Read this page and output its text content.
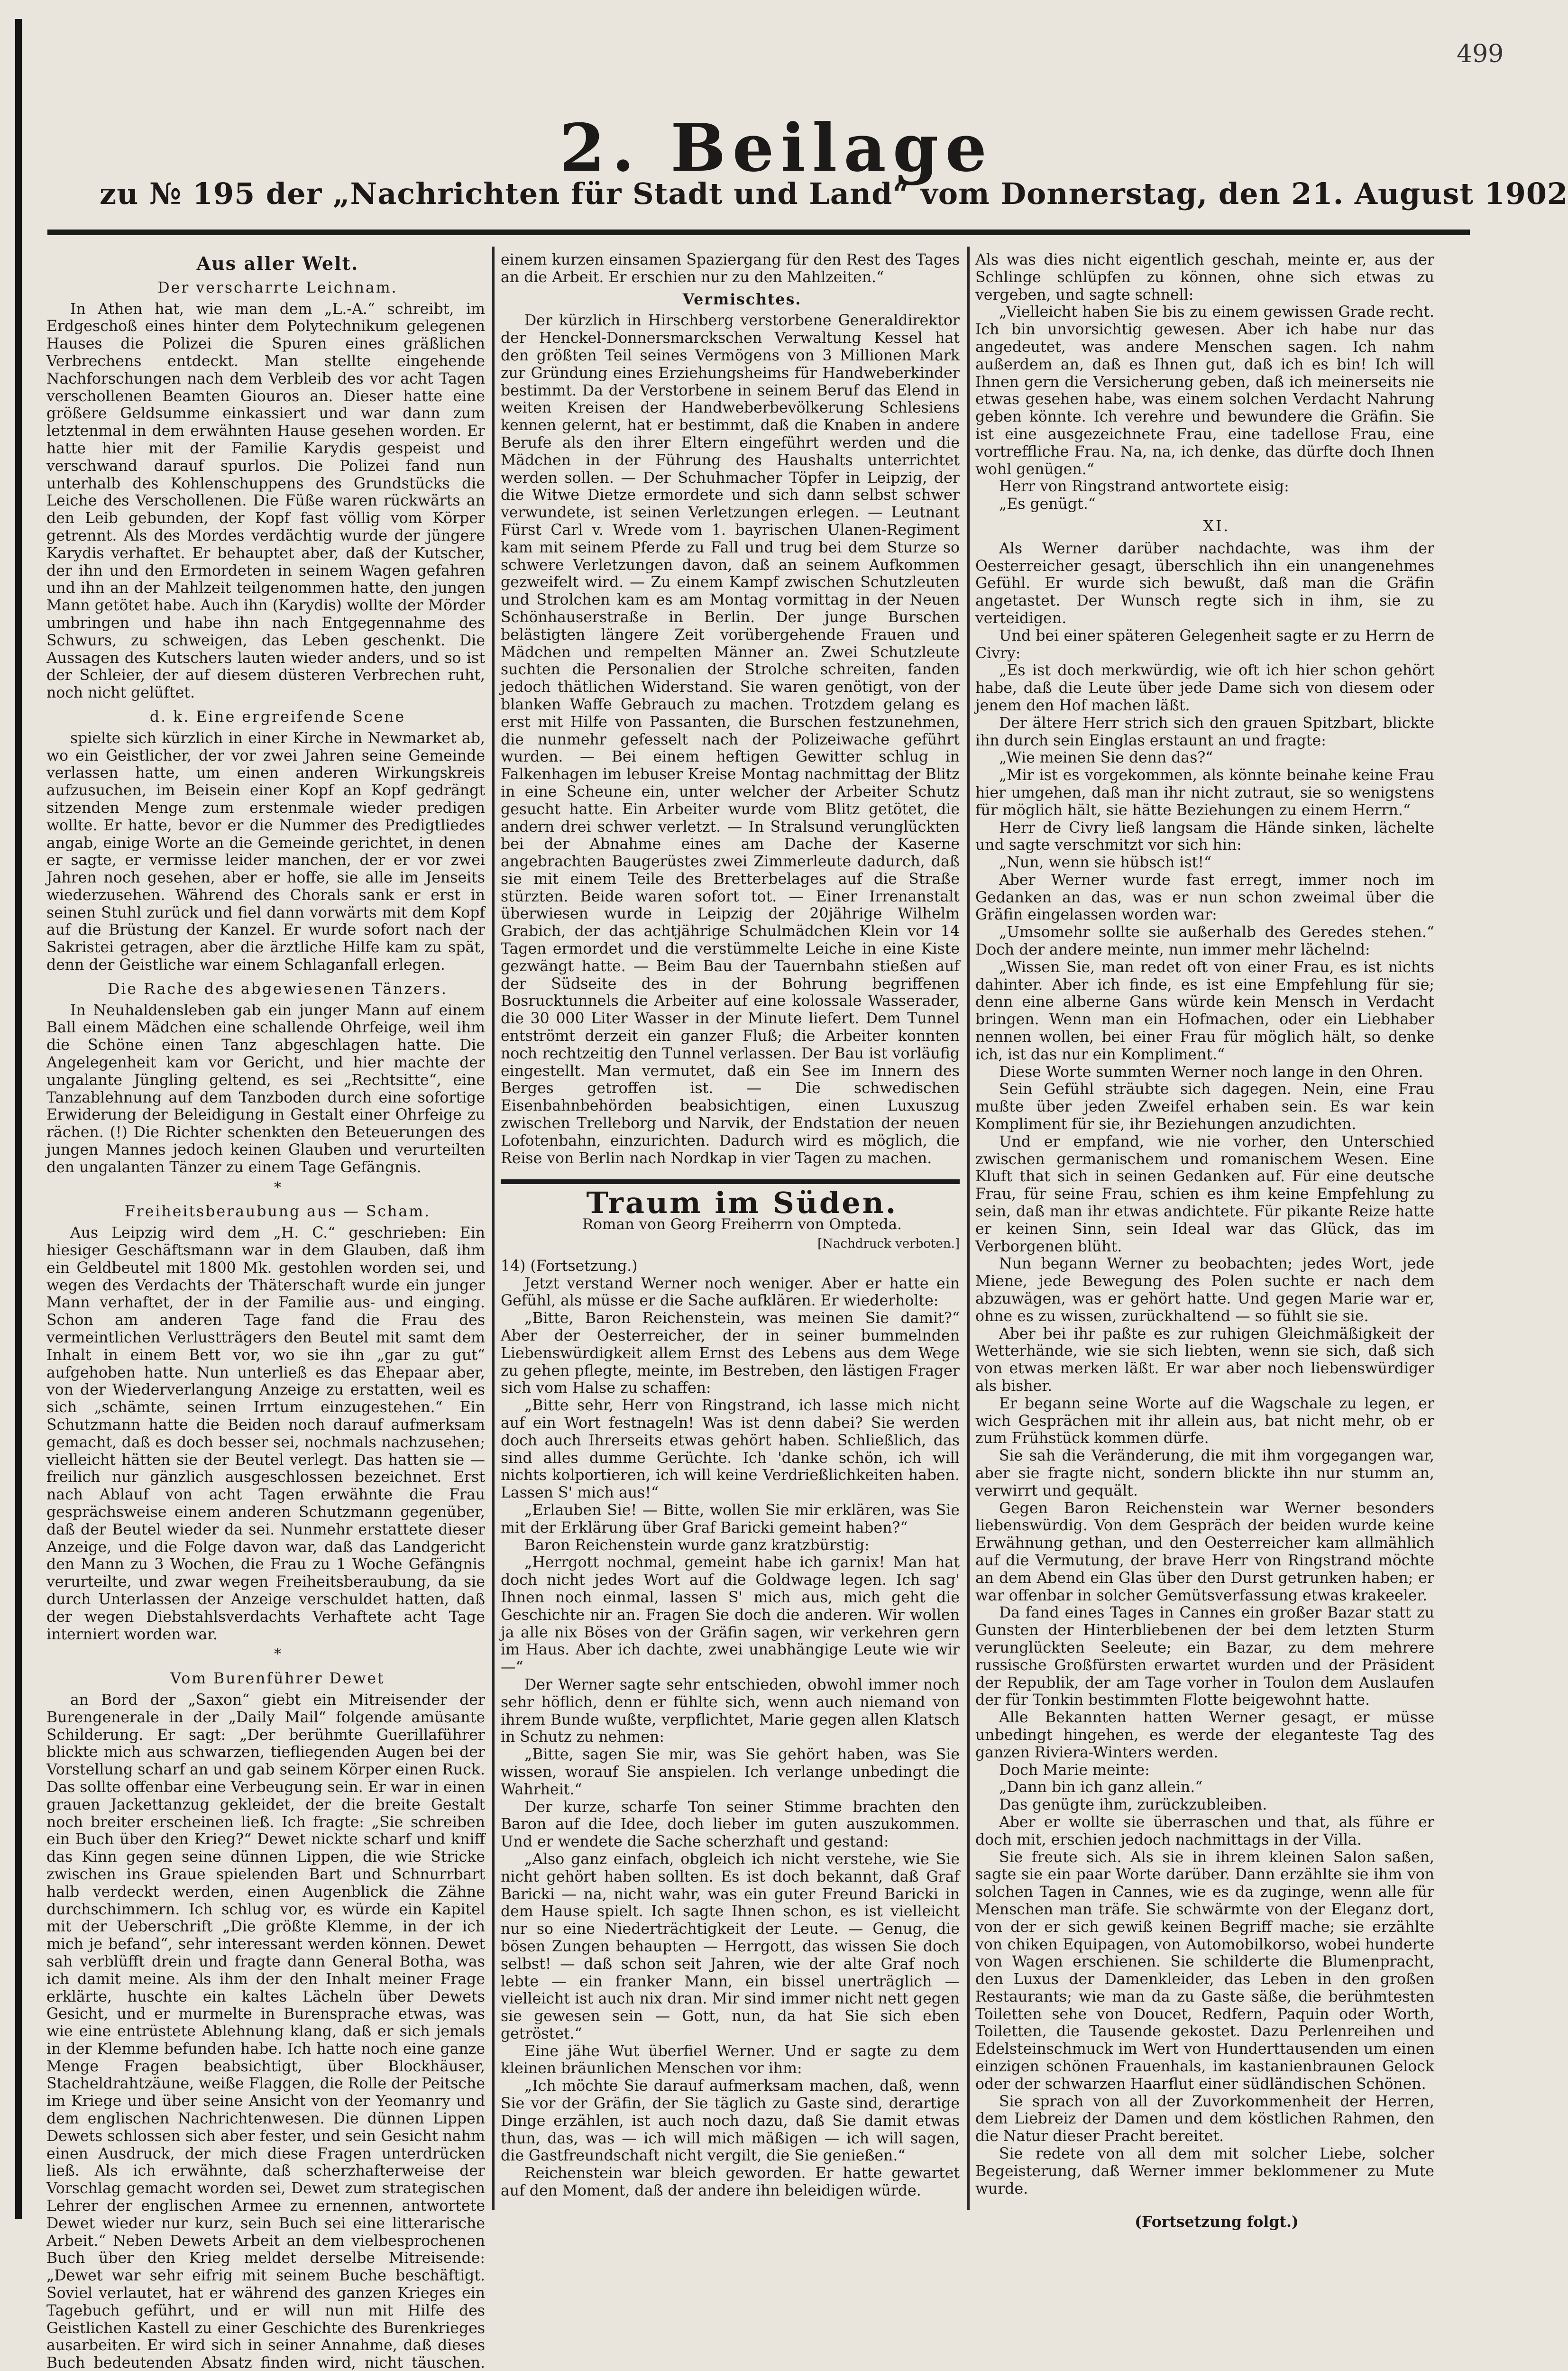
499
2. Beilage
zu № 195 der „Nachrichten für Stadt und Land“ vom Donnerstag, den 21. August 1902

Aus aller Welt.

Der verscharrte Leichnam.

In Athen hat, wie man dem „L.-A.“ schreibt, im Erdgeschoß eines hinter dem Polytechnikum gelegenen Hauses die Polizei die Spuren eines gräßlichen Verbrechens entdeckt. Man stellte eingehende Nachforschungen nach dem Verbleib des vor acht Tagen verschollenen Beamten Giouros an. Dieser hatte eine größere Geldsumme einkassiert und war dann zum letztenmal in dem erwähnten Hause gesehen worden. Er hatte hier mit der Familie Karydis gespeist und verschwand darauf spurlos. Die Polizei fand nun unterhalb des Kohlenschuppens des Grundstücks die Leiche des Verschollenen. Die Füße waren rückwärts an den Leib gebunden, der Kopf fast völlig vom Körper getrennt. Als des Mordes verdächtig wurde der jüngere Karydis verhaftet. Er behauptet aber, daß der Kutscher, der ihn und den Ermordeten in seinem Wagen gefahren und ihn an der Mahlzeit teilgenommen hatte, den jungen Mann getötet habe. Auch ihn (Karydis) wollte der Mörder umbringen und habe ihn nach Entgegennahme des Schwurs, zu schweigen, das Leben geschenkt. Die Aussagen des Kutschers lauten wieder anders, und so ist der Schleier, der auf diesem düsteren Verbrechen ruht, noch nicht gelüftet.

d. k. Eine ergreifende Scene

spielte sich kürzlich in einer Kirche in Newmarket ab, wo ein Geistlicher, der vor zwei Jahren seine Gemeinde verlassen hatte, um einen anderen Wirkungskreis aufzusuchen, im Beisein einer Kopf an Kopf gedrängt sitzenden Menge zum erstenmale wieder predigen wollte. Er hatte, bevor er die Nummer des Predigtliedes angab, einige Worte an die Gemeinde gerichtet, in denen er sagte, er vermisse leider manchen, der er vor zwei Jahren noch gesehen, aber er hoffe, sie alle im Jenseits wiederzusehen. Während des Chorals sank er erst in seinen Stuhl zurück und fiel dann vorwärts mit dem Kopf auf die Brüstung der Kanzel. Er wurde sofort nach der Sakristei getragen, aber die ärztliche Hilfe kam zu spät, denn der Geistliche war einem Schlaganfall erlegen.

Die Rache des abgewiesenen Tänzers.

In Neuhaldensleben gab ein junger Mann auf einem Ball einem Mädchen eine schallende Ohrfeige, weil ihm die Schöne einen Tanz abgeschlagen hatte. Die Angelegenheit kam vor Gericht, und hier machte der ungalante Jüngling geltend, es sei „Rechtsitte“, eine Tanzablehnung auf dem Tanzboden durch eine sofortige Erwiderung der Beleidigung in Gestalt einer Ohrfeige zu rächen. (!) Die Richter schenkten den Beteuerungen des jungen Mannes jedoch keinen Glauben und verurteilten den ungalanten Tänzer zu einem Tage Gefängnis.

*

Freiheitsberaubung aus — Scham.

Aus Leipzig wird dem „H. C.“ geschrieben: Ein hiesiger Geschäftsmann war in dem Glauben, daß ihm ein Geldbeutel mit 1800 Mk. gestohlen worden sei, und wegen des Verdachts der Thäterschaft wurde ein junger Mann verhaftet, der in der Familie aus- und einging. Schon am anderen Tage fand die Frau des vermeintlichen Verlustträgers den Beutel mit samt dem Inhalt in einem Bett vor, wo sie ihn „gar zu gut“ aufgehoben hatte. Nun unterließ es das Ehepaar aber, von der Wiederverlangung Anzeige zu erstatten, weil es sich „schämte, seinen Irrtum einzugestehen.“ Ein Schutzmann hatte die Beiden noch darauf aufmerksam gemacht, daß es doch besser sei, nochmals nachzusehen; vielleicht hätten sie der Beutel verlegt. Das hatten sie — freilich nur gänzlich ausgeschlossen bezeichnet. Erst nach Ablauf von acht Tagen erwähnte die Frau gesprächsweise einem anderen Schutzmann gegenüber, daß der Beutel wieder da sei. Nunmehr erstattete dieser Anzeige, und die Folge davon war, daß das Landgericht den Mann zu 3 Wochen, die Frau zu 1 Woche Gefängnis verurteilte, und zwar wegen Freiheitsberaubung, da sie durch Unterlassen der Anzeige verschuldet hatten, daß der wegen Diebstahlsverdachts Verhaftete acht Tage interniert worden war.

*

Vom Burenführer Dewet

an Bord der „Saxon“ giebt ein Mitreisender der Burengenerale in der „Daily Mail“ folgende amüsante Schilderung. Er sagt: „Der berühmte Guerillaführer blickte mich aus schwarzen, tiefliegenden Augen bei der Vorstellung scharf an und gab seinem Körper einen Ruck. Das sollte offenbar eine Verbeugung sein. Er war in einen grauen Jackettanzug gekleidet, der die breite Gestalt noch breiter erscheinen ließ. Ich fragte: „Sie schreiben ein Buch über den Krieg?“ Dewet nickte scharf und kniff das Kinn gegen seine dünnen Lippen, die wie Stricke zwischen ins Graue spielenden Bart und Schnurrbart halb verdeckt werden, einen Augenblick die Zähne durchschimmern. Ich schlug vor, es würde ein Kapitel mit der Ueberschrift „Die größte Klemme, in der ich mich je befand“, sehr interessant werden können. Dewet sah verblüfft drein und fragte dann General Botha, was ich damit meine. Als ihm der den Inhalt meiner Frage erklärte, huschte ein kaltes Lächeln über Dewets Gesicht, und er murmelte in Burensprache etwas, was wie eine entrüstete Ablehnung klang, daß er sich jemals in der Klemme befunden habe. Ich hatte noch eine ganze Menge Fragen beabsichtigt, über Blockhäuser, Stacheldrahtzäune, weiße Flaggen, die Rolle der Peitsche im Kriege und über seine Ansicht von der Yeomanry und dem englischen Nachrichtenwesen. Die dünnen Lippen Dewets schlossen sich aber fester, und sein Gesicht nahm einen Ausdruck, der mich diese Fragen unterdrücken ließ. Als ich erwähnte, daß scherzhafterweise der Vorschlag gemacht worden sei, Dewet zum strategischen Lehrer der englischen Armee zu ernennen, antwortete Dewet wieder nur kurz, sein Buch sei eine litterarische Arbeit.“ Neben Dewets Arbeit an dem vielbesprochenen Buch über den Krieg meldet derselbe Mitreisende: „Dewet war sehr eifrig mit seinem Buche beschäftigt. Soviel verlautet, hat er während des ganzen Krieges ein Tagebuch geführt, und er will nun mit Hilfe des Geistlichen Kastell zu einer Geschichte des Burenkrieges ausarbeiten. Er wird sich in seiner Annahme, daß dieses Buch bedeutenden Absatz finden wird, nicht täuschen.

einem kurzen einsamen Spaziergang für den Rest des Tages an die Arbeit. Er erschien nur zu den Mahlzeiten.“

Vermischtes.

Der kürzlich in Hirschberg verstorbene Generaldirektor der Henckel-Donnersmarckschen Verwaltung Kessel hat den größten Teil seines Vermögens von 3 Millionen Mark zur Gründung eines Erziehungsheims für Handweberkinder bestimmt. Da der Verstorbene in seinem Beruf das Elend in weiten Kreisen der Handweberbevölkerung Schlesiens kennen gelernt, hat er bestimmt, daß die Knaben in andere Berufe als den ihrer Eltern eingeführt werden und die Mädchen in der Führung des Haushalts unterrichtet werden sollen. — Der Schuhmacher Töpfer in Leipzig, der die Witwe Dietze ermordete und sich dann selbst schwer verwundete, ist seinen Verletzungen erlegen. — Leutnant Fürst Carl v. Wrede vom 1. bayrischen Ulanen-Regiment kam mit seinem Pferde zu Fall und trug bei dem Sturze so schwere Verletzungen davon, daß an seinem Aufkommen gezweifelt wird. — Zu einem Kampf zwischen Schutzleuten und Strolchen kam es am Montag vormittag in der Neuen Schönhauserstraße in Berlin. Der junge Burschen belästigten längere Zeit vorübergehende Frauen und Mädchen und rempelten Männer an. Zwei Schutzleute suchten die Personalien der Strolche schreiten, fanden jedoch thätlichen Widerstand. Sie waren genötigt, von der blanken Waffe Gebrauch zu machen. Trotzdem gelang es erst mit Hilfe von Passanten, die Burschen festzunehmen, die nunmehr gefesselt nach der Polizeiwache geführt wurden. — Bei einem heftigen Gewitter schlug in Falkenhagen im lebuser Kreise Montag nachmittag der Blitz in eine Scheune ein, unter welcher der Arbeiter Schutz gesucht hatte. Ein Arbeiter wurde vom Blitz getötet, die andern drei schwer verletzt. — In Stralsund verunglückten bei der Abnahme eines am Dache der Kaserne angebrachten Baugerüstes zwei Zimmerleute dadurch, daß sie mit einem Teile des Bretterbelages auf die Straße stürzten. Beide waren sofort tot. — Einer Irrenanstalt überwiesen wurde in Leipzig der 20jährige Wilhelm Grabich, der das achtjährige Schulmädchen Klein vor 14 Tagen ermordet und die verstümmelte Leiche in eine Kiste gezwängt hatte. — Beim Bau der Tauernbahn stießen auf der Südseite des in der Bohrung begriffenen Bosrucktunnels die Arbeiter auf eine kolossale Wasserader, die 30 000 Liter Wasser in der Minute liefert. Dem Tunnel entströmt derzeit ein ganzer Fluß; die Arbeiter konnten noch rechtzeitig den Tunnel verlassen. Der Bau ist vorläufig eingestellt. Man vermutet, daß ein See im Innern des Berges getroffen ist. — Die schwedischen Eisenbahnbehörden beabsichtigen, einen Luxuszug zwischen Trelleborg und Narvik, der Endstation der neuen Lofotenbahn, einzurichten. Dadurch wird es möglich, die Reise von Berlin nach Nordkap in vier Tagen zu machen.

Traum im Süden.

Roman von Georg Freiherrn von Ompteda.

[Nachdruck verboten.]

14) (Fortsetzung.)

Jetzt verstand Werner noch weniger. Aber er hatte ein Gefühl, als müsse er die Sache aufklären. Er wiederholte:

„Bitte, Baron Reichenstein, was meinen Sie damit?“ Aber der Oesterreicher, der in seiner bummelnden Liebenswürdigkeit allem Ernst des Lebens aus dem Wege zu gehen pflegte, meinte, im Bestreben, den lästigen Frager sich vom Halse zu schaffen:

„Bitte sehr, Herr von Ringstrand, ich lasse mich nicht auf ein Wort festnageln! Was ist denn dabei? Sie werden doch auch Ihrerseits etwas gehört haben. Schließlich, das sind alles dumme Gerüchte. Ich 'danke schön, ich will nichts kolportieren, ich will keine Verdrießlichkeiten haben. Lassen S' mich aus!“

„Erlauben Sie! — Bitte, wollen Sie mir erklären, was Sie mit der Erklärung über Graf Baricki gemeint haben?“

Baron Reichenstein wurde ganz kratzbürstig:

„Herrgott nochmal, gemeint habe ich garnix! Man hat doch nicht jedes Wort auf die Goldwage legen. Ich sag' Ihnen noch einmal, lassen S' mich aus, mich geht die Geschichte nir an. Fragen Sie doch die anderen. Wir wollen ja alle nix Böses von der Gräfin sagen, wir verkehren gern im Haus. Aber ich dachte, zwei unabhängige Leute wie wir —“

Der Werner sagte sehr entschieden, obwohl immer noch sehr höflich, denn er fühlte sich, wenn auch niemand von ihrem Bunde wußte, verpflichtet, Marie gegen allen Klatsch in Schutz zu nehmen:

„Bitte, sagen Sie mir, was Sie gehört haben, was Sie wissen, worauf Sie anspielen. Ich verlange unbedingt die Wahrheit.“

Der kurze, scharfe Ton seiner Stimme brachten den Baron auf die Idee, doch lieber im guten auszukommen. Und er wendete die Sache scherzhaft und gestand:

„Also ganz einfach, obgleich ich nicht verstehe, wie Sie nicht gehört haben sollten. Es ist doch bekannt, daß Graf Baricki — na, nicht wahr, was ein guter Freund Baricki in dem Hause spielt. Ich sagte Ihnen schon, es ist vielleicht nur so eine Niederträchtigkeit der Leute. — Genug, die bösen Zungen behaupten — Herrgott, das wissen Sie doch selbst! — daß schon seit Jahren, wie der alte Graf noch lebte — ein franker Mann, ein bissel unerträglich — vielleicht ist auch nix dran. Mir sind immer nicht nett gegen sie gewesen sein — Gott, nun, da hat Sie sich eben getröstet.“

Eine jähe Wut überfiel Werner. Und er sagte zu dem kleinen bräunlichen Menschen vor ihm:

„Ich möchte Sie darauf aufmerksam machen, daß, wenn Sie vor der Gräfin, der Sie täglich zu Gaste sind, derartige Dinge erzählen, ist auch noch dazu, daß Sie damit etwas thun, das, was — ich will mich mäßigen — ich will sagen, die Gastfreundschaft nicht vergilt, die Sie genießen.“

Reichenstein war bleich geworden. Er hatte gewartet auf den Moment, daß der andere ihn beleidigen würde.

Als was dies nicht eigentlich geschah, meinte er, aus der Schlinge schlüpfen zu können, ohne sich etwas zu vergeben, und sagte schnell:

„Vielleicht haben Sie bis zu einem gewissen Grade recht. Ich bin unvorsichtig gewesen. Aber ich habe nur das angedeutet, was andere Menschen sagen. Ich nahm außerdem an, daß es Ihnen gut, daß ich es bin! Ich will Ihnen gern die Versicherung geben, daß ich meinerseits nie etwas gesehen habe, was einem solchen Verdacht Nahrung geben könnte. Ich verehre und bewundere die Gräfin. Sie ist eine ausgezeichnete Frau, eine tadellose Frau, eine vortreffliche Frau. Na, na, ich denke, das dürfte doch Ihnen wohl genügen.“

Herr von Ringstrand antwortete eisig:

„Es genügt.“

XI.

Als Werner darüber nachdachte, was ihm der Oesterreicher gesagt, überschlich ihn ein unangenehmes Gefühl. Er wurde sich bewußt, daß man die Gräfin angetastet. Der Wunsch regte sich in ihm, sie zu verteidigen.

Und bei einer späteren Gelegenheit sagte er zu Herrn de Civry:

„Es ist doch merkwürdig, wie oft ich hier schon gehört habe, daß die Leute über jede Dame sich von diesem oder jenem den Hof machen läßt.

Der ältere Herr strich sich den grauen Spitzbart, blickte ihn durch sein Einglas erstaunt an und fragte:

„Wie meinen Sie denn das?“

„Mir ist es vorgekommen, als könnte beinahe keine Frau hier umgehen, daß man ihr nicht zutraut, sie so wenigstens für möglich hält, sie hätte Beziehungen zu einem Herrn.“

Herr de Civry ließ langsam die Hände sinken, lächelte und sagte verschmitzt vor sich hin:

„Nun, wenn sie hübsch ist!“

Aber Werner wurde fast erregt, immer noch im Gedanken an das, was er nun schon zweimal über die Gräfin eingelassen worden war:

„Umsomehr sollte sie außerhalb des Geredes stehen.“ Doch der andere meinte, nun immer mehr lächelnd:

„Wissen Sie, man redet oft von einer Frau, es ist nichts dahinter. Aber ich finde, es ist eine Empfehlung für sie; denn eine alberne Gans würde kein Mensch in Verdacht bringen. Wenn man ein Hofmachen, oder ein Liebhaber nennen wollen, bei einer Frau für möglich hält, so denke ich, ist das nur ein Kompliment.“

Diese Worte summten Werner noch lange in den Ohren.

Sein Gefühl sträubte sich dagegen. Nein, eine Frau mußte über jeden Zweifel erhaben sein. Es war kein Kompliment für sie, ihr Beziehungen anzudichten.

Und er empfand, wie nie vorher, den Unterschied zwischen germanischem und romanischem Wesen. Eine Kluft that sich in seinen Gedanken auf. Für eine deutsche Frau, für seine Frau, schien es ihm keine Empfehlung zu sein, daß man ihr etwas andichtete. Für pikante Reize hatte er keinen Sinn, sein Ideal war das Glück, das im Verborgenen blüht.

Nun begann Werner zu beobachten; jedes Wort, jede Miene, jede Bewegung des Polen suchte er nach dem abzuwägen, was er gehört hatte. Und gegen Marie war er, ohne es zu wissen, zurückhaltend — so fühlt sie sie.

Aber bei ihr paßte es zur ruhigen Gleichmäßigkeit der Wetterhände, wie sie sich liebten, wenn sie sich, daß sich von etwas merken läßt. Er war aber noch liebenswürdiger als bisher.

Er begann seine Worte auf die Wagschale zu legen, er wich Gesprächen mit ihr allein aus, bat nicht mehr, ob er zum Frühstück kommen dürfe.

Sie sah die Veränderung, die mit ihm vorgegangen war, aber sie fragte nicht, sondern blickte ihn nur stumm an, verwirrt und gequält.

Gegen Baron Reichenstein war Werner besonders liebenswürdig. Von dem Gespräch der beiden wurde keine Erwähnung gethan, und den Oesterreicher kam allmählich auf die Vermutung, der brave Herr von Ringstrand möchte an dem Abend ein Glas über den Durst getrunken haben; er war offenbar in solcher Gemütsverfassung etwas krakeeler.

Da fand eines Tages in Cannes ein großer Bazar statt zu Gunsten der Hinterbliebenen der bei dem letzten Sturm verunglückten Seeleute; ein Bazar, zu dem mehrere russische Großfürsten erwartet wurden und der Präsident der Republik, der am Tage vorher in Toulon dem Auslaufen der für Tonkin bestimmten Flotte beigewohnt hatte.

Alle Bekannten hatten Werner gesagt, er müsse unbedingt hingehen, es werde der eleganteste Tag des ganzen Riviera-Winters werden.

Doch Marie meinte:

„Dann bin ich ganz allein.“

Das genügte ihm, zurückzubleiben.

Aber er wollte sie überraschen und that, als führe er doch mit, erschien jedoch nachmittags in der Villa.

Sie freute sich. Als sie in ihrem kleinen Salon saßen, sagte sie ein paar Worte darüber. Dann erzählte sie ihm von solchen Tagen in Cannes, wie es da zuginge, wenn alle für Menschen man träfe. Sie schwärmte von der Eleganz dort, von der er sich gewiß keinen Begriff mache; sie erzählte von chiken Equipagen, von Automobilkorso, wobei hunderte von Wagen erschienen. Sie schilderte die Blumenpracht, den Luxus der Damenkleider, das Leben in den großen Restaurants; wie man da zu Gaste säße, die berühmtesten Toiletten sehe von Doucet, Redfern, Paquin oder Worth, Toiletten, die Tausende gekostet. Dazu Perlenreihen und Edelsteinschmuck im Wert von Hunderttausenden um einen einzigen schönen Frauenhals, im kastanienbraunen Gelock oder der schwarzen Haarflut einer südländischen Schönen.

Sie sprach von all der Zuvorkommenheit der Herren, dem Liebreiz der Damen und dem köstlichen Rahmen, den die Natur dieser Pracht bereitet.

Sie redete von all dem mit solcher Liebe, solcher Begeisterung, daß Werner immer beklommener zu Mute wurde.

(Fortsetzung folgt.)
